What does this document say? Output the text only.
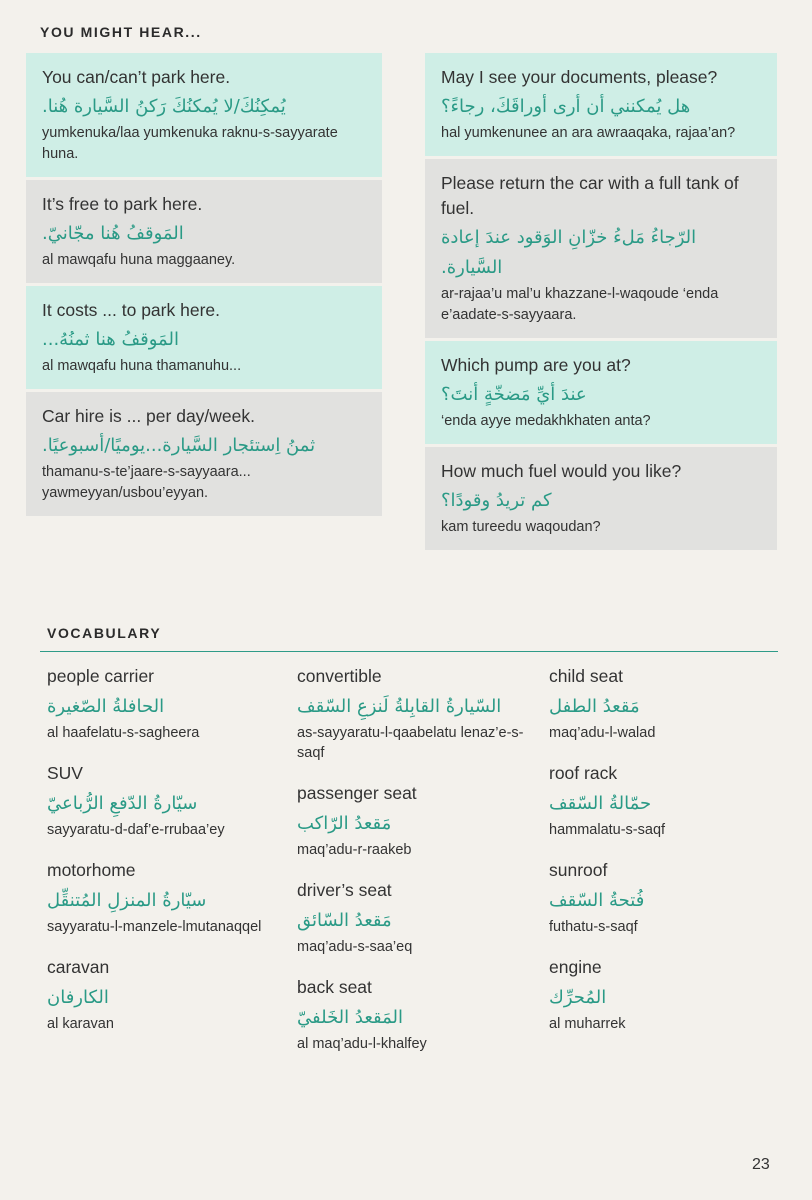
YOU MIGHT HEAR...
You can/can’t park here.
يُمكِنُكَ/لا يُمكنُكَ رَكنُ السَّيارة هُنا.
yumkenuka/laa yumkenuka raknu-s-sayyarate huna.
It’s free to park here.
المَوقفُ هُنا مجّانيّ.
al mawqafu huna maggaaney.
It costs ... to park here.
المَوقفُ هنا ثمنُهُ...
al mawqafu huna thamanuhu...
Car hire is ... per day/week.
ثمنُ اِستئجار السَّيارة...يوميًا/أسبوعيًا.
thamanu-s-te’jaare-s-sayyaara... yawmeyyan/usbou’eyyan.
May I see your documents, please?
هل يُمكنني أن أرى أوراقَكَ، رجاءً؟
hal yumkenunee an ara awraaqaka, rajaa’an?
Please return the car with a full tank of fuel.
الرّجاءُ مَلءُ خزّانِ الوَقود عندَ إعادة السَّيارة.
ar-rajaa’u mal’u khazzane-l-waqoude ‘enda e’aadate-s-sayyaara.
Which pump are you at?
عندَ أيِّ مَضخّةٍ أنتَ؟
‘enda ayye medakhkhaten anta?
How much fuel would you like?
كم تريدُ وقودًا؟
kam tureedu waqoudan?
VOCABULARY
people carrier
الحافلةُ الصّغيرة
al haafelatu-s-sagheera
SUV
سيّارةُ الدّفعِ الرُّباعيّ
sayyaratu-d-daf’e-rrubaa’ey
motorhome
سيّارةُ المنزلِ المُتنقِّل
sayyaratu-l-manzele-lmutanaqqel
caravan
الكارفان
al karavan
convertible
السّيارةُ القابِلةُ لَنزعِ السّقف
as-sayyaratu-l-qaabelatu lenaz’e-s-saqf
passenger seat
مَقعدُ الرّاكب
maq’adu-r-raakeb
driver’s seat
مَقعدُ السّائق
maq’adu-s-saa’eq
back seat
المَقعدُ الخَلفيّ
al maq’adu-l-khalfey
child seat
مَقعدُ الطفل
maq’adu-l-walad
roof rack
حمّالةُ السّقف
hammalatu-s-saqf
sunroof
فُتحةُ السّقف
futhatu-s-saqf
engine
المُحرِّك
al muharrek
23
